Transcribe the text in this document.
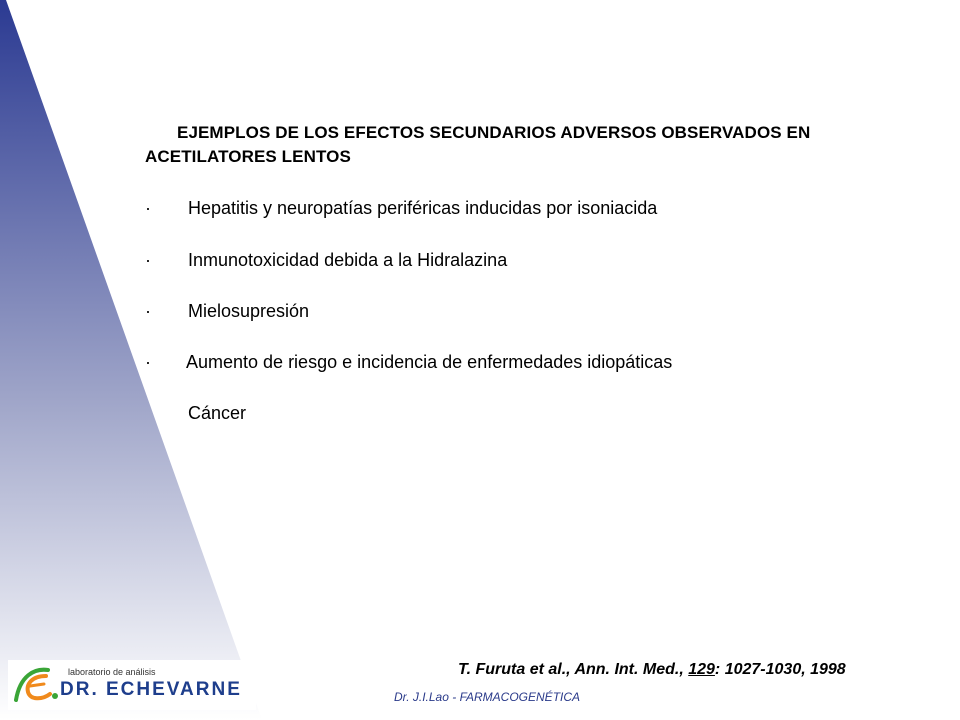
EJEMPLOS DE LOS EFECTOS SECUNDARIOS ADVERSOS OBSERVADOS EN ACETILATORES LENTOS
· Hepatitis y neuropatías periféricas inducidas por isoniacida
· Inmunotoxicidad debida a la Hidralazina
· Mielosupresión
· Aumento de riesgo e incidencia de enfermedades idiopáticas
Cáncer
T. Furuta et al., Ann. Int. Med., 129: 1027-1030, 1998
laboratorio de análisis
DR. ECHEVARNE	Dr. J.I.Lao - FARMACOGENÉTICA
